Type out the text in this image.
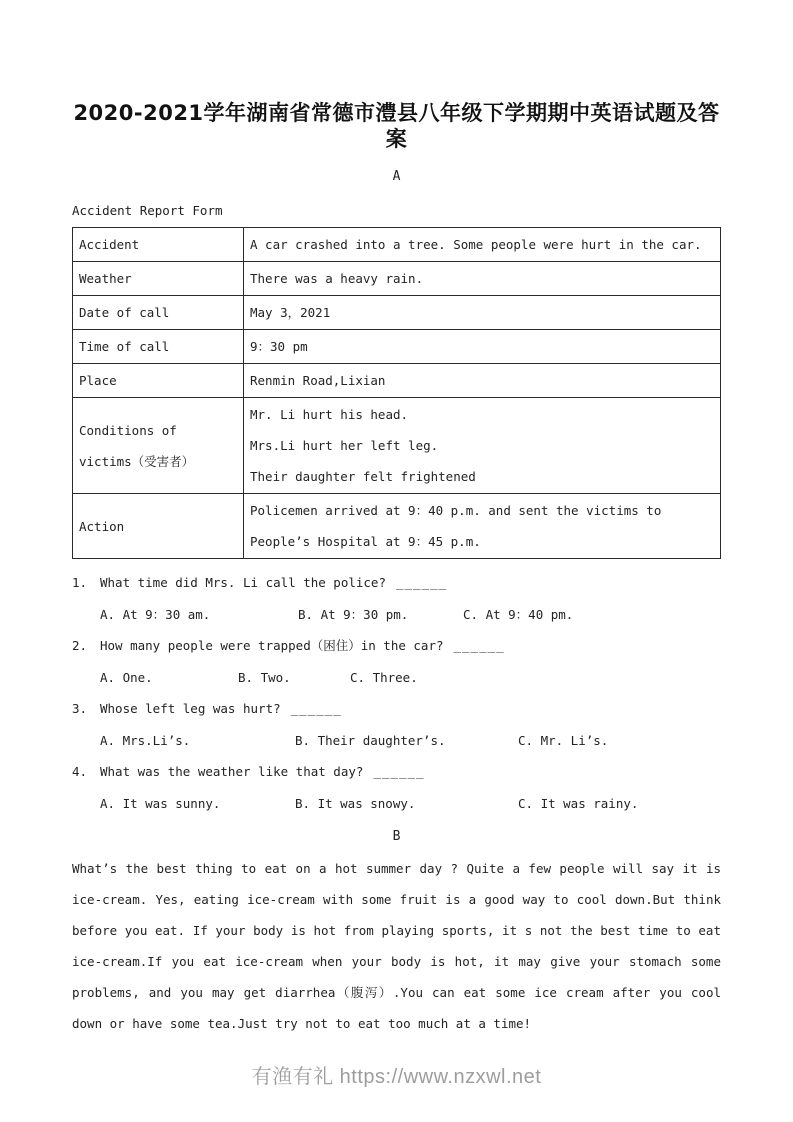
2020-2021学年湖南省常德市澧县八年级下学期期中英语试题及答案
A
Accident Report Form
Accident	A car crashed into a tree. Some people were hurt in the car.
Weather	There was a heavy rain.
Date of call	May 3，2021
Time of call	9：30 pm
Place	Renmin Road,Lixian
Conditions of victims（受害者）	Mr. Li hurt his head.
Mrs.Li hurt her left leg.
Their daughter felt frightened

Action	Policemen arrived at 9：40 p.m. and sent the victims to People’s Hospital at 9：45 p.m.
1. What time did Mrs. Li call the police? ______
A. At 9：30 am.	B. At 9：30 pm.	C. At 9：40 pm.
2. How many people were trapped（困住）in the car? ______
A. One.	B. Two.	C. Three.
3. Whose left leg was hurt? ______
A. Mrs.Li’s.	B. Their daughter’s.	C. Mr. Li’s.
4. What was the weather like that day? ______
A. It was sunny.	B. It was snowy.	C. It was rainy.
B
What’s the best thing to eat on a hot summer day ? Quite a few people will say it is ice-cream. Yes, eating ice-cream with some fruit is a good way to cool down.But think before you eat. If your body is hot from playing sports, it s not the best time to eat ice-cream.If you eat ice-cream when your body is hot, it may give your stomach some problems, and you may get diarrhea（腹泻）.You can eat some ice cream after you cool down or have some tea.Just try not to eat too much at a time!
有渔有礼 https://www.nzxwl.net
